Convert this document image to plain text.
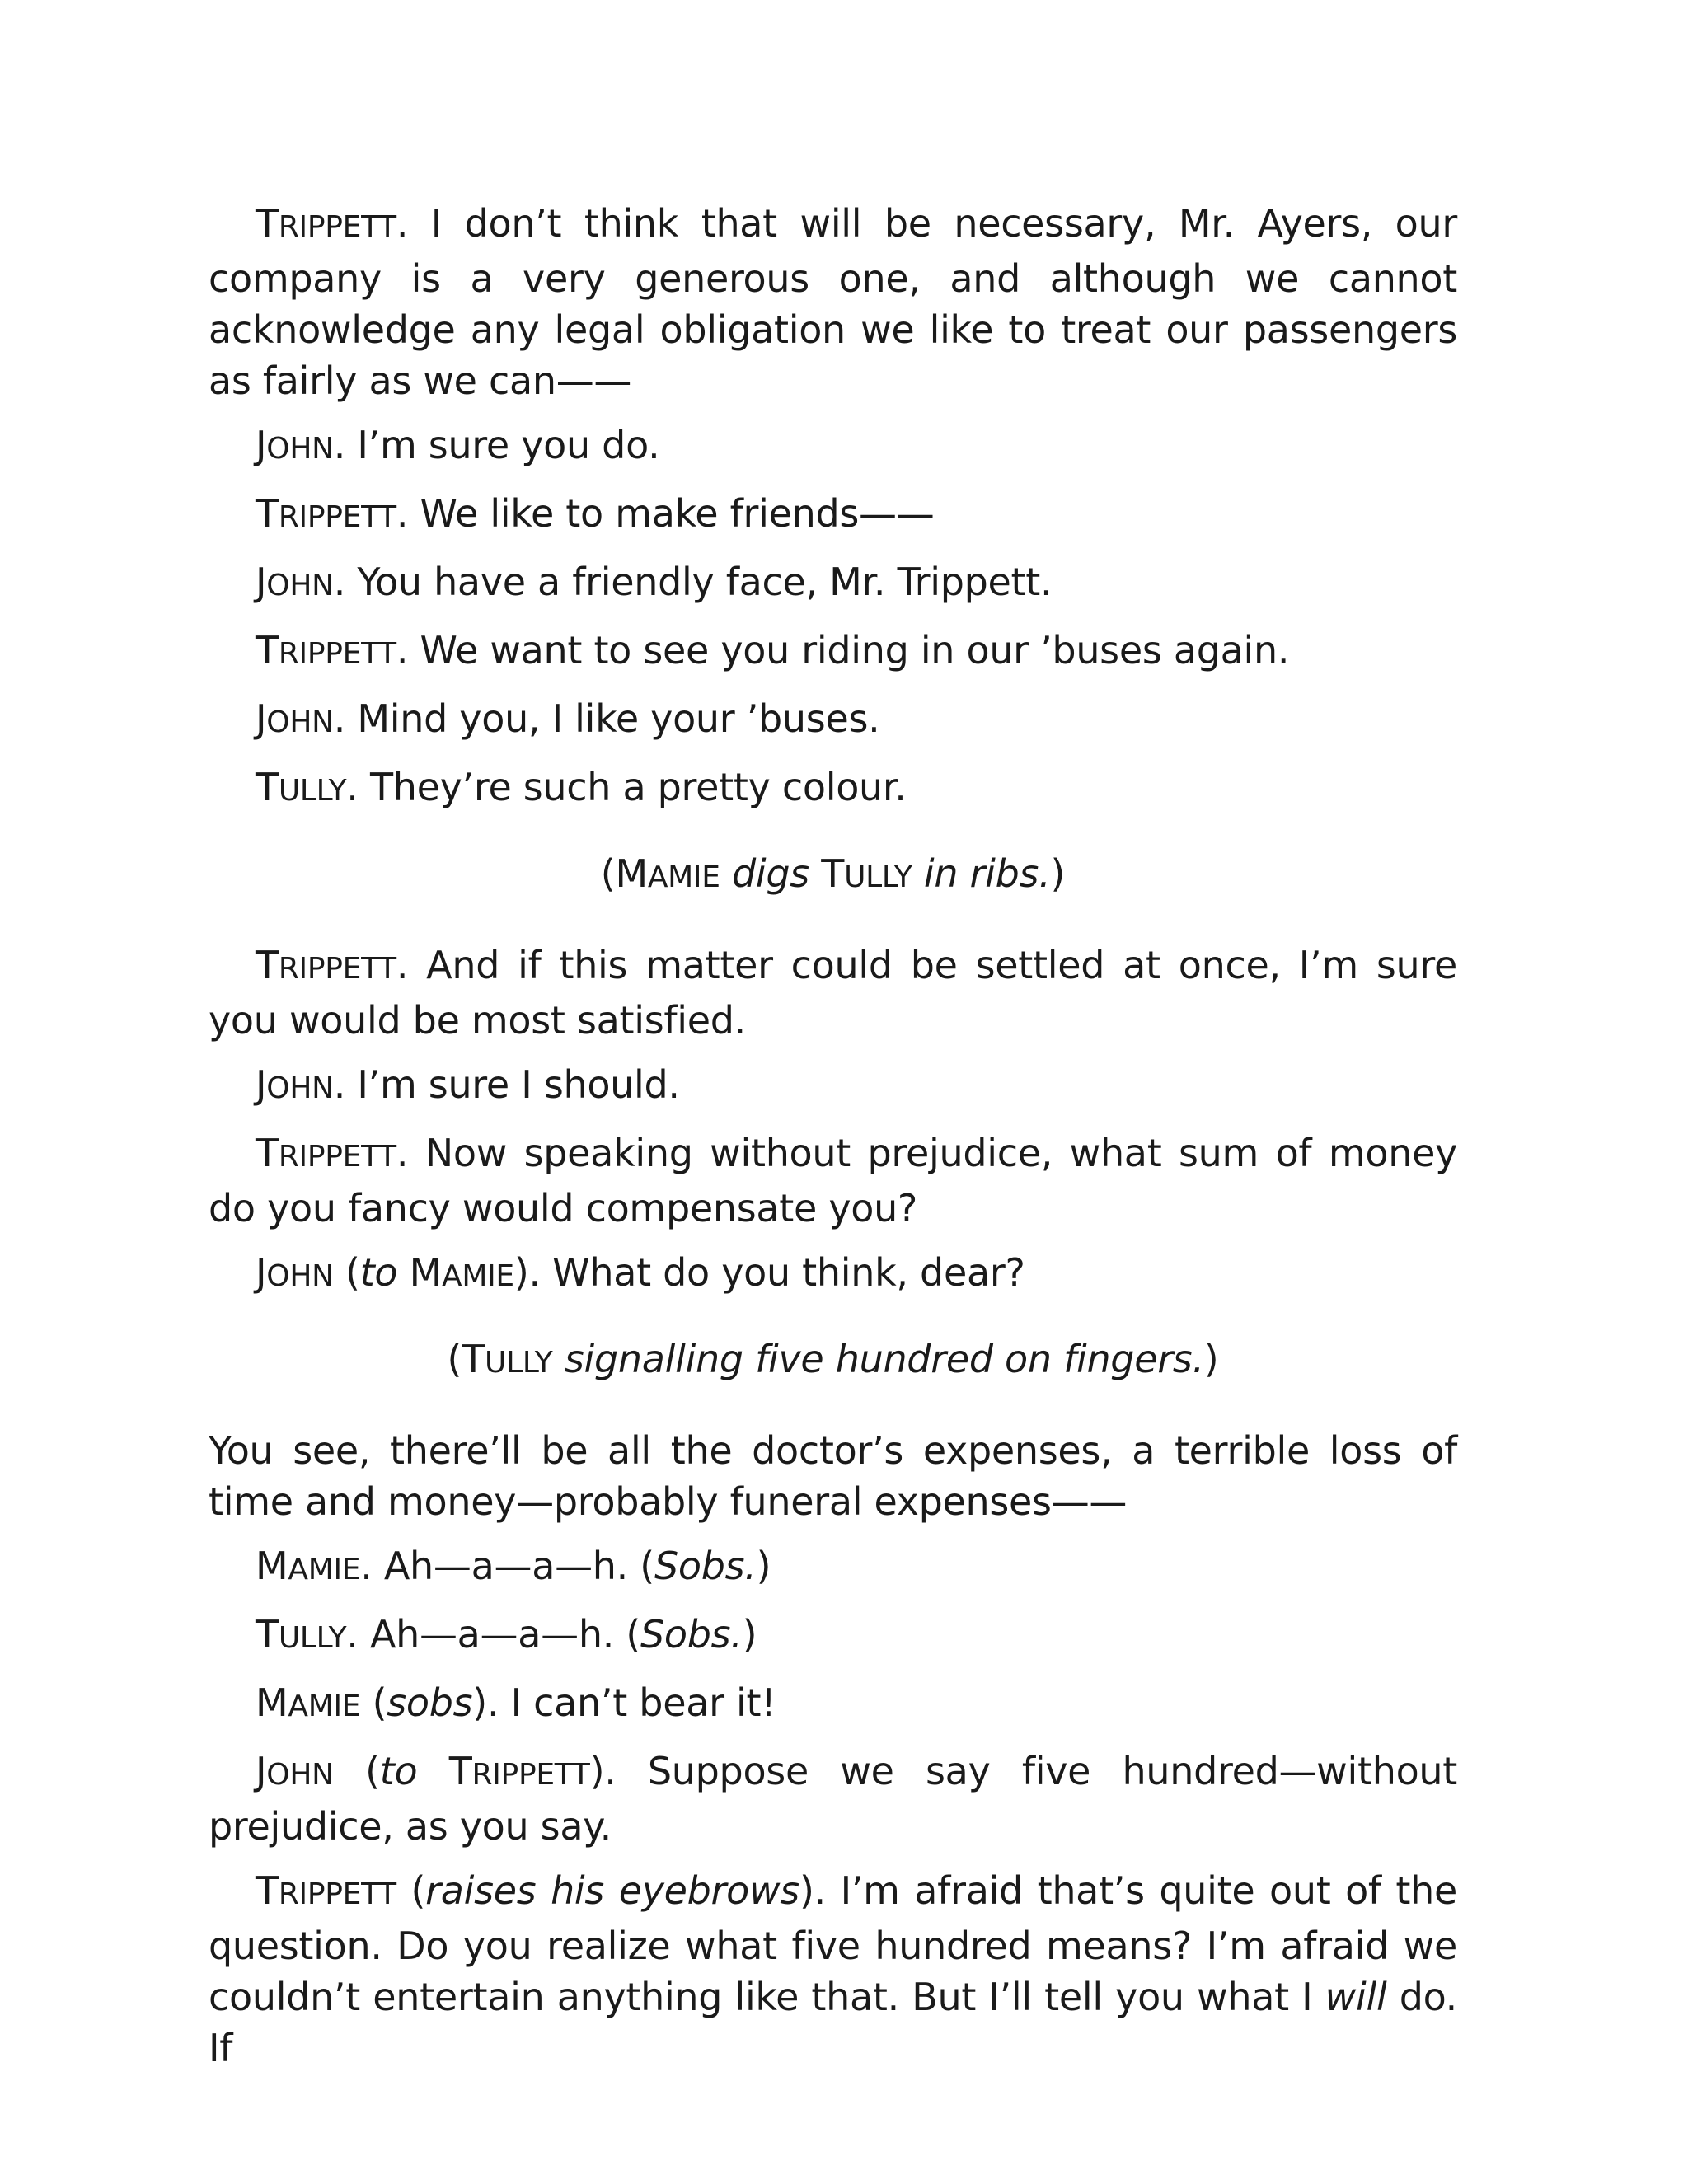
TRIPPETT. I don’t think that will be necessary, Mr. Ayers, our company is a very generous one, and although we cannot acknowledge any legal obligation we like to treat our passengers as fairly as we can——

JOHN. I’m sure you do.

TRIPPETT. We like to make friends——

JOHN. You have a friendly face, Mr. Trippett.

TRIPPETT. We want to see you riding in our ’buses again.

JOHN. Mind you, I like your ’buses.

TULLY. They’re such a pretty colour.

(MAMIE digs TULLY in ribs.)

TRIPPETT. And if this matter could be settled at once, I’m sure you would be most satisfied.

JOHN. I’m sure I should.

TRIPPETT. Now speaking without prejudice, what sum of money do you fancy would compensate you?

JOHN (to MAMIE). What do you think, dear?

(TULLY signalling five hundred on fingers.)

You see, there’ll be all the doctor’s expenses, a terrible loss of time and money—probably funeral expenses——

MAMIE. Ah—a—a—h. (Sobs.)

TULLY. Ah—a—a—h. (Sobs.)

MAMIE (sobs). I can’t bear it!

JOHN (to TRIPPETT). Suppose we say five hundred—without prejudice, as you say.

TRIPPETT (raises his eyebrows). I’m afraid that’s quite out of the question. Do you realize what five hundred means? I’m afraid we couldn’t entertain anything like that. But I’ll tell you what I will do. If
